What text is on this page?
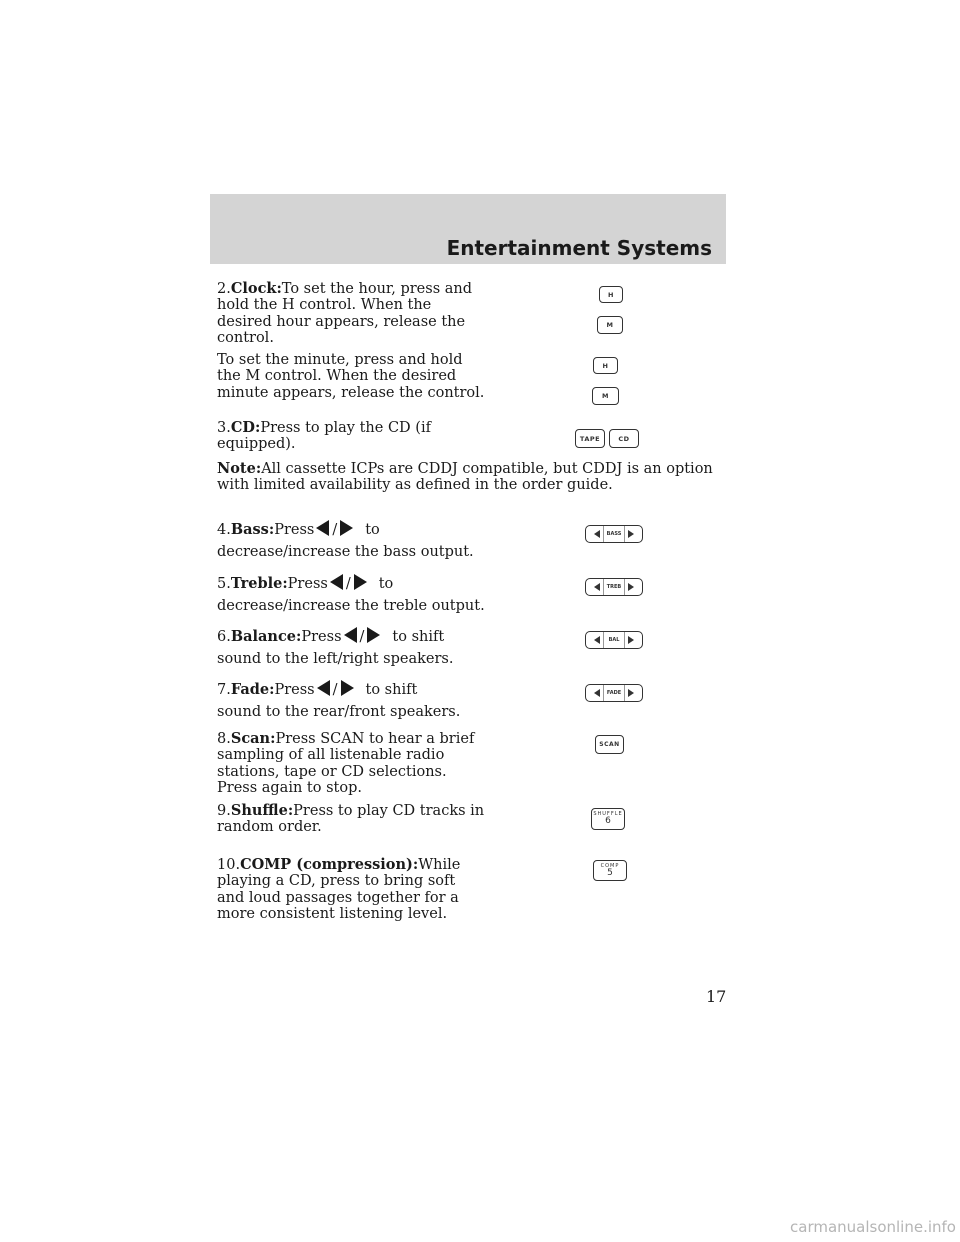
Entertainment Systems

2.Clock:To set the hour, press and hold the H control. When the desired hour appears, release the control.

To set the minute, press and hold the M control. When the desired minute appears, release the control.

H
M
H
M

3.CD:Press to play the CD (if equipped).	TAPE	CD

Note:All cassette ICPs are CDDJ compatible, but CDDJ is an option with limited availability as defined in the order guide.

4.Bass:Press / to
decrease/increase the bass output.

BASS

5.Treble:Press / to
decrease/increase the treble output.

TREB

6.Balance:Press / to shift
sound to the left/right speakers.

BAL

7.Fade:Press / to shift
sound to the rear/front speakers.

FADE

8.Scan:Press SCAN to hear a brief sampling of all listenable radio stations, tape or CD selections. Press again to stop.

SCAN

9.Shuffle:Press to play CD tracks in random order.

SHUFFLE
6

10.COMP (compression):While playing a CD, press to bring soft and loud passages together for a more consistent listening level.

COMP
5
17
carmanualsonline.info
